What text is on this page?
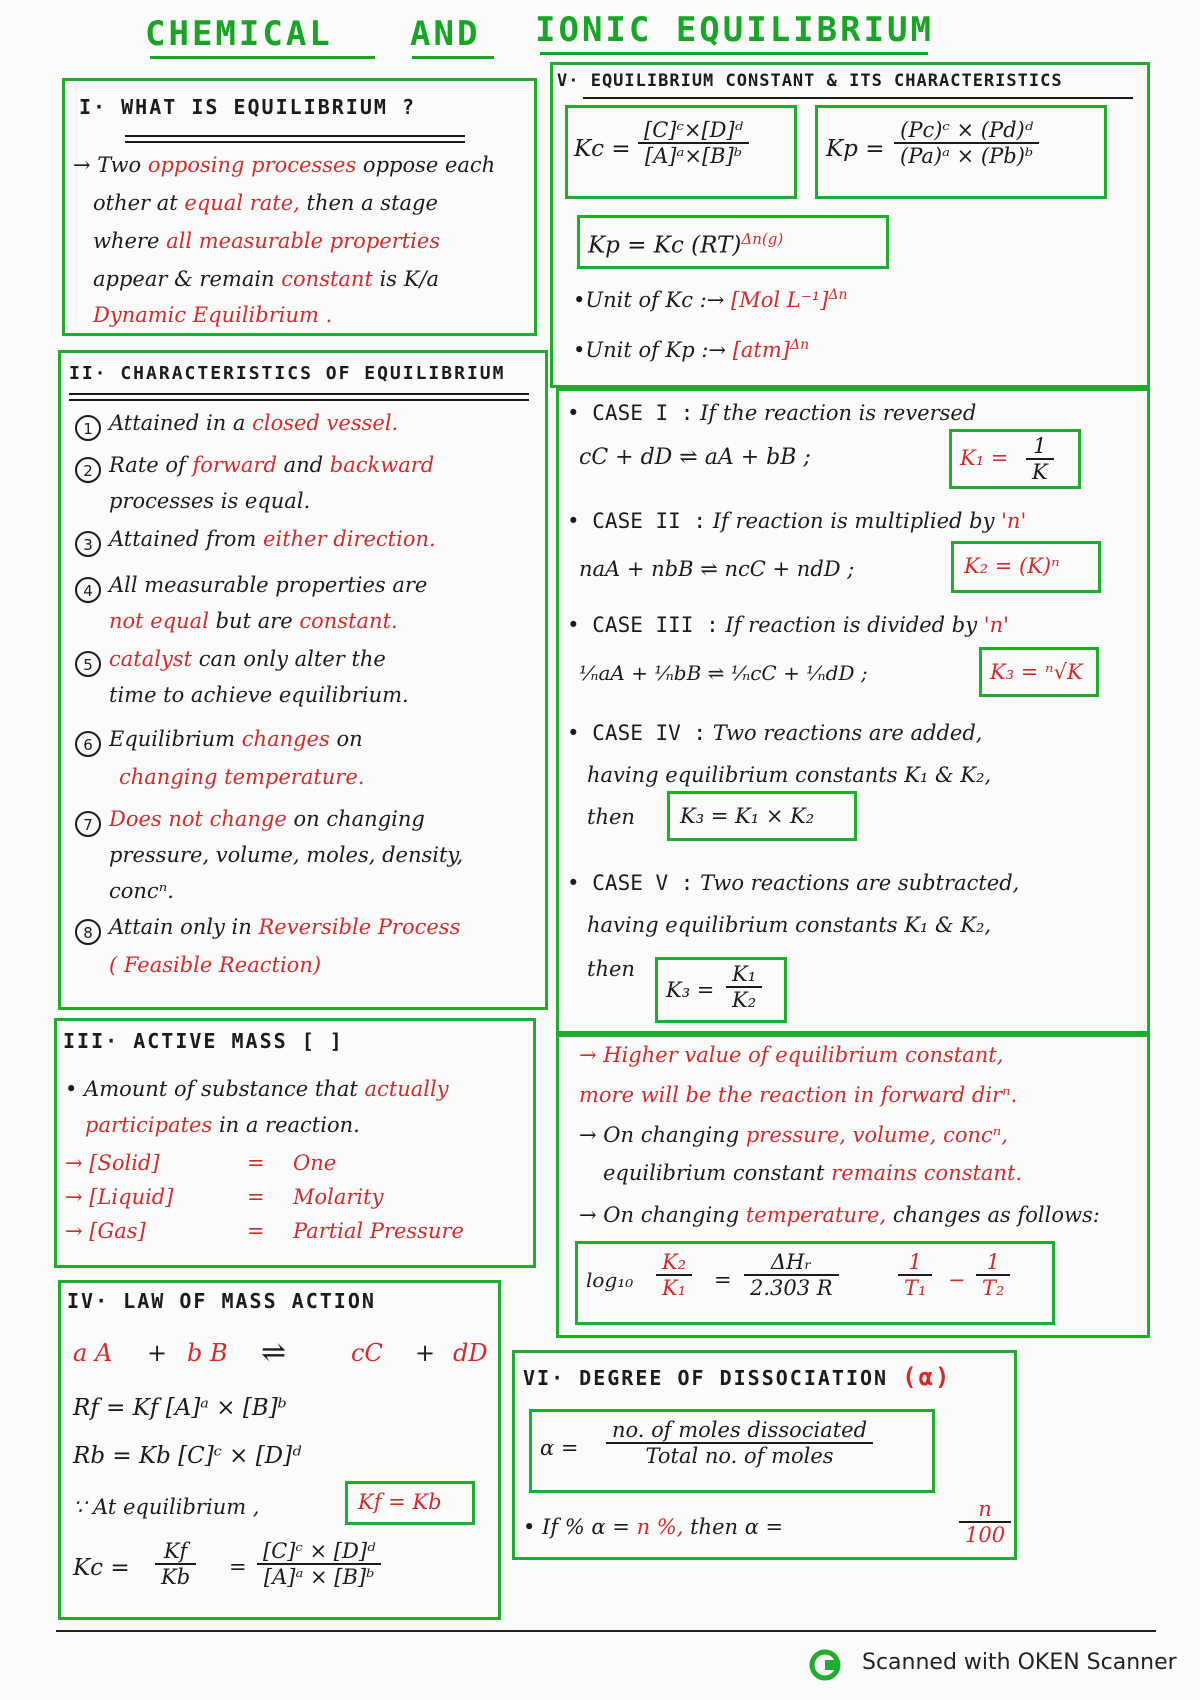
CHEMICAL AND IONIC EQUILIBRIUM
I· WHAT IS EQUILIBRIUM ?
→ Two opposing processes oppose each
other at equal rate, then a stage
where all measurable properties
appear & remain constant is K/a
Dynamic Equilibrium .
II· CHARACTERISTICS OF EQUILIBRIUM
1 Attained in a closed vessel.
2 Rate of forward and backward
processes is equal.
3 Attained from either direction.
4 All measurable properties are
not equal but are constant.
5 catalyst can only alter the
time to achieve equilibrium.
6 Equilibrium changes on
changing temperature.
7 Does not change on changing
pressure, volume, moles, density,
concⁿ.
8 Attain only in Reversible Process
( Feasible Reaction)
III· ACTIVE MASS [ ]
• Amount of substance that actually
participates in a reaction.
→ [Solid]	= One
→ [Liquid]	= Molarity
→ [Gas]	= Partial Pressure
IV· LAW OF MASS ACTION
a A + b B ⇌	cC + dD
Rf = Kf [A]ᵃ × [B]ᵇ
Rb = Kb [C]ᶜ × [D]ᵈ
∵ At equilibrium ,	Kf = Kb
$Kc = \frac{Kf}{Kb} = \frac{\text{[C]ᶜ × [D]ᵈ}}{\text{[A]ᵃ × [B]ᵇ}}$
V· EQUILIBRIUM CONSTANT & ITS CHARACTERISTICS
$Kc = \frac{\text{[C]ᶜ×[D]ᵈ}}{\text{[A]ᵃ×[B]ᵇ}}$	$Kp = \frac{\text{(Pc)ᶜ × (Pd)ᵈ}}{\text{(Pa)ᵃ × (Pb)ᵇ}}$
Kp = Kc (RT)$^{\Delta n(g)}$
•Unit of Kc :→ [Mol L⁻¹]$^{\Delta n}$
•Unit of Kp :→ [atm]$^{\Delta n}$
• CASE I : If the reaction is reversed
cC + dD ⇌ aA + bB ;	$K_1 = \frac{1}{K}$
• CASE II : If reaction is multiplied by 'n'
naA + nbB ⇌ ncC + ndD ;	K₂ = (K)ⁿ
• CASE III : If reaction is divided by 'n'
¹⁄ₙaA + ¹⁄ₙbB ⇌ ¹⁄ₙcC + ¹⁄ₙdD ;	K₃ = ⁿ√K
• CASE IV : Two reactions are added,
having equilibrium constants K₁ & K₂,
then K₃ = K₁ × K₂
• CASE V : Two reactions are subtracted,
having equilibrium constants K₁ & K₂,
then
$K_3 = \frac{\text{K₁}}{\text{K₂}}$
→ Higher value of equilibrium constant,
more will be the reaction in forward dirⁿ.
→ On changing pressure, volume, concⁿ,
equilibrium constant remains constant.
→ On changing temperature, changes as follows:
$\log_{10} \frac{\text{K₂}}{\text{K₁}}$ =
ΔHᵣ
2.303 R	$\frac{1}{\text{T₁}} - \frac{1}{\text{T₂}}$
VI· DEGREE OF DISSOCIATION (α)
α =
no. of moles dissociated
Total no. of moles
• If % α = n %, then α =	$\frac{n}{100}$
Scanned with OKEN Scanner
